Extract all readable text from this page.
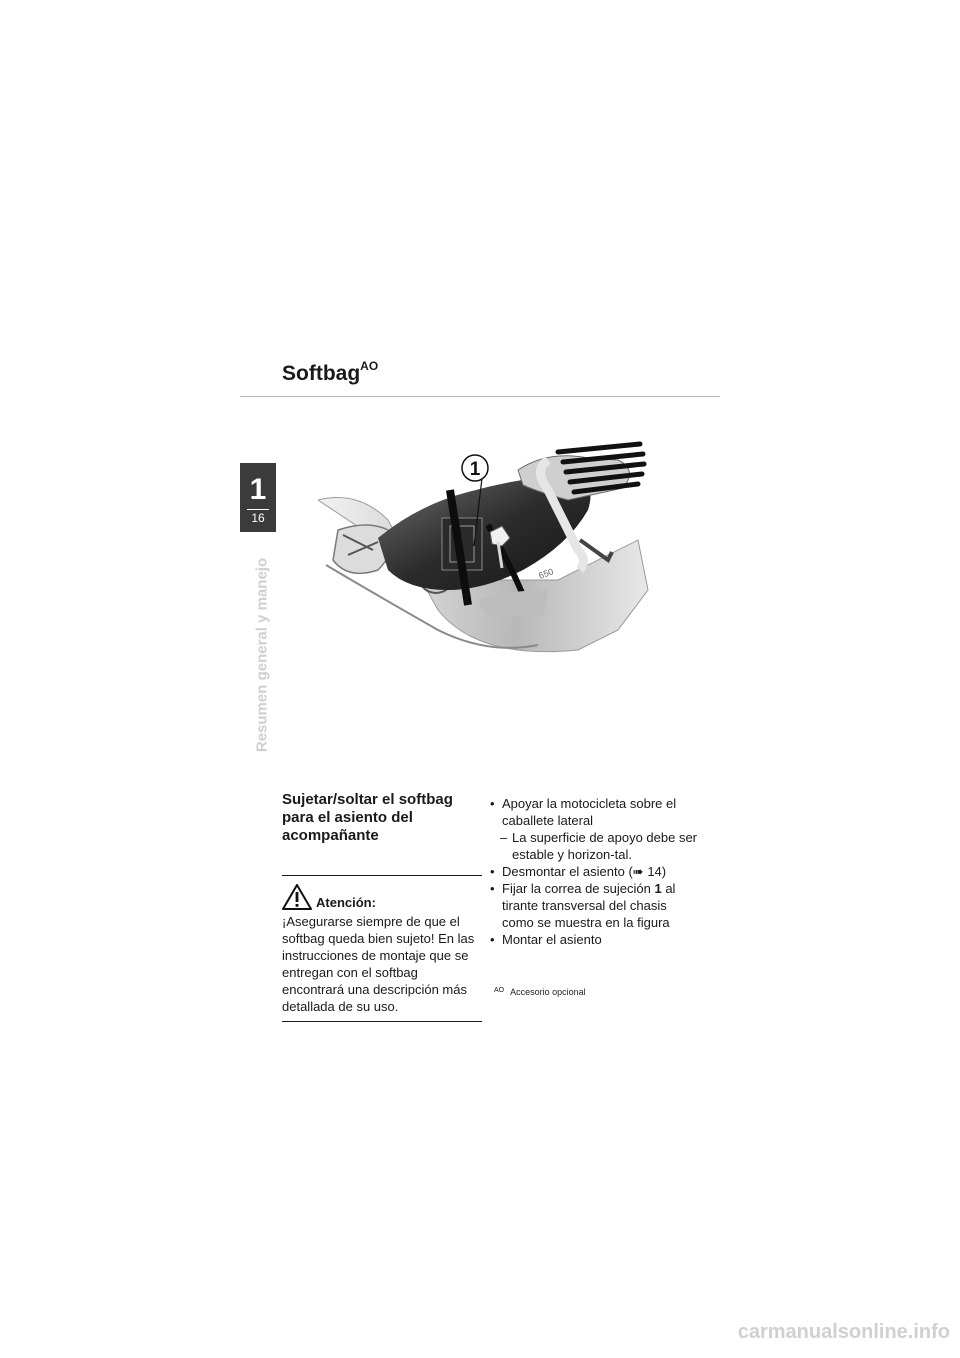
Softbag$^{AO}$
1
16
Resumen general y manejo	650
1
Sujetar/soltar el softbag para el asiento del acompañante
Atención:
¡Asegurarse siempre de que el softbag queda bien sujeto! En las instrucciones de montaje que se entregan con el softbag encontrará una descripción más detallada de su uso.
• Apoyar la motocicleta sobre el caballete lateral
– La superficie de apoyo debe ser estable y horizon-tal.
• Desmontar el asiento (➠ 14)
• Fijar la correa de sujeción 1 al tirante transversal del chasis como se muestra en la figura
• Montar el asiento
$^{AO}$ Accesorio opcional
carmanualsonline.info
